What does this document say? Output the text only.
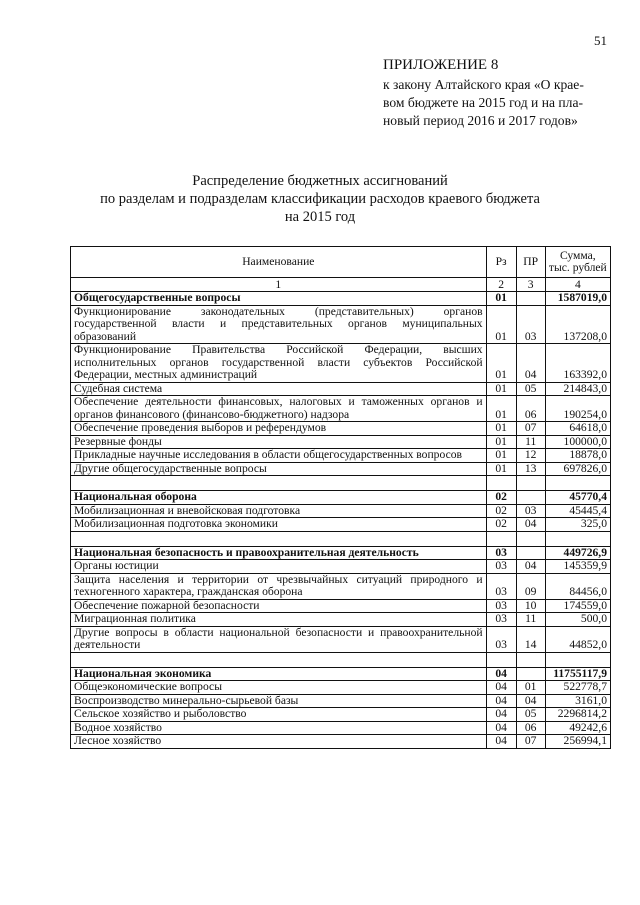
51
ПРИЛОЖЕНИЕ 8
к закону Алтайского края «О крае-
вом бюджете на 2015 год и на пла-
новый период 2016 и 2017 годов»
Распределение бюджетных ассигнований
по разделам и подразделам классификации расходов краевого бюджета
на 2015 год
Наименование	Рз	ПР	Сумма,
тыс. рублей

1	2	3	4
Общегосударственные вопросы	01		1587019,0
Функционирование законодательных (представительных) органов государственной власти и представительных органов муниципальных образований	01	03	137208,0
Функционирование Правительства Российской Федерации, высших исполнительных органов государственной власти субъектов Российской Федерации, местных администраций	01	04	163392,0
Судебная система	01	05	214843,0
Обеспечение деятельности финансовых, налоговых и таможенных органов и органов финансового (финансово-бюджетного) надзора	01	06	190254,0
Обеспечение проведения выборов и референдумов	01	07	64618,0
Резервные фонды	01	11	100000,0
Прикладные научные исследования в области общегосударственных вопросов	01	12	18878,0
Другие общегосударственные вопросы	01	13	697826,0

Национальная оборона	02		45770,4
Мобилизационная и вневойсковая подготовка	02	03	45445,4
Мобилизационная подготовка экономики	02	04	325,0

Национальная безопасность и правоохранительная деятельность	03		449726,9
Органы юстиции	03	04	145359,9
Защита населения и территории от чрезвычайных ситуаций природного и техногенного характера, гражданская оборона	03	09	84456,0
Обеспечение пожарной безопасности	03	10	174559,0
Миграционная политика	03	11	500,0
Другие вопросы в области национальной безопасности и правоохранительной деятельности	03	14	44852,0

Национальная экономика	04		11755117,9
Общеэкономические вопросы	04	01	522778,7
Воспроизводство минерально-сырьевой базы	04	04	3161,0
Сельское хозяйство и рыболовство	04	05	2296814,2
Водное хозяйство	04	06	49242,6
Лесное хозяйство	04	07	256994,1
